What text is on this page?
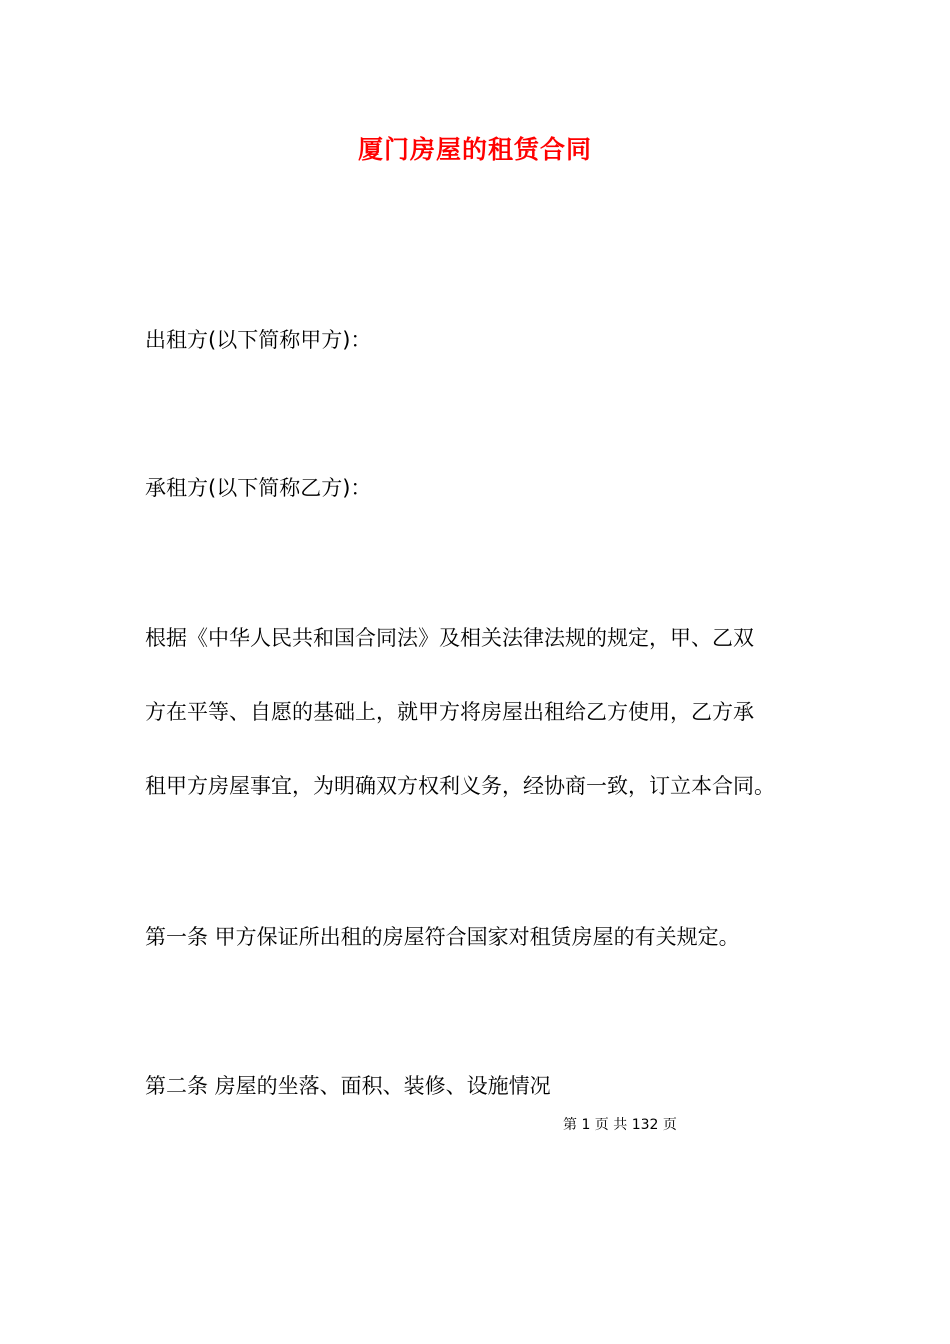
厦门房屋的租赁合同
出租方(以下简称甲方)：
承租方(以下简称乙方)：
根据《中华人民共和国合同法》及相关法律法规的规定，甲、乙双
方在平等、自愿的基础上，就甲方将房屋出租给乙方使用，乙方承
租甲方房屋事宜，为明确双方权利义务，经协商一致，订立本合同。
第一条 甲方保证所出租的房屋符合国家对租赁房屋的有关规定。
第二条 房屋的坐落、面积、装修、设施情况
第 1 页 共 132 页
